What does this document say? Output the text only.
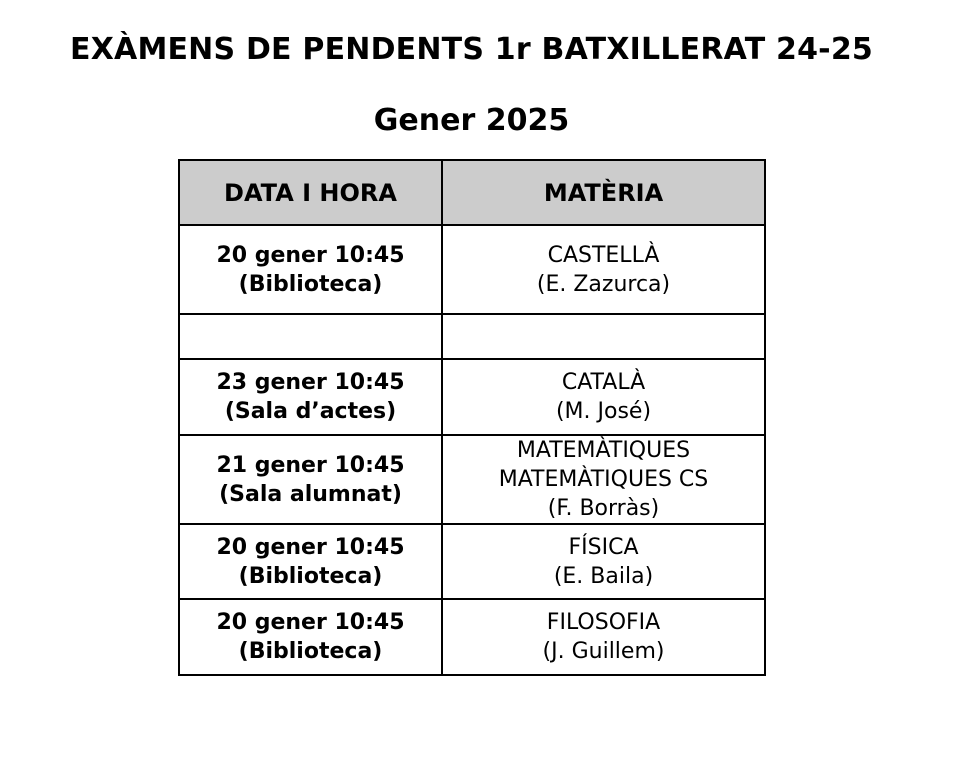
EXÀMENS DE PENDENTS 1r BATXILLERAT 24-25
Gener 2025
DATA I HORA	MATÈRIA

20 gener 10:45
(Biblioteca)	CASTELLÀ
(E. Zazurca)

23 gener 10:45
(Sala d’actes)	CATALÀ
(M. José)

21 gener 10:45
(Sala alumnat)	MATEMÀTIQUES
MATEMÀTIQUES CS
(F. Borràs)

20 gener 10:45
(Biblioteca)	FÍSICA
(E. Baila)

20 gener 10:45
(Biblioteca)	FILOSOFIA
(J. Guillem)
